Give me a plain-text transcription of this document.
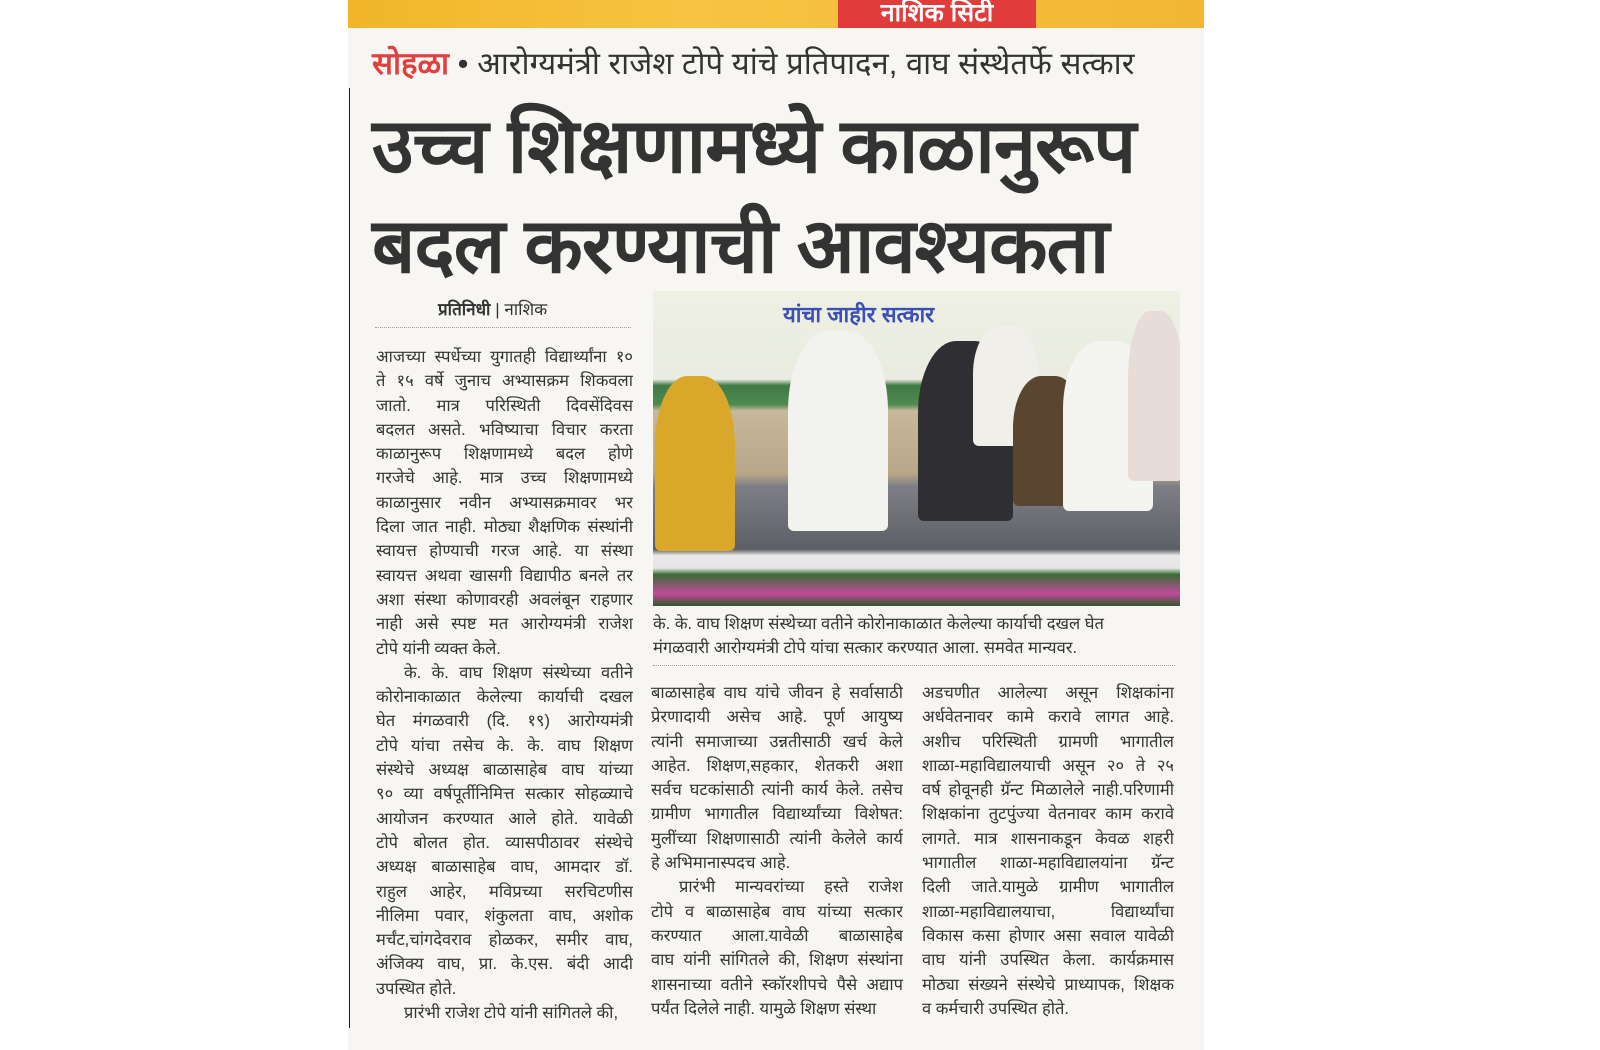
नाशिक सिटी
सोहळा • आरोग्यमंत्री राजेश टोपे यांचे प्रतिपादन, वाघ संस्थेतर्फे सत्कार
उच्च शिक्षणामध्ये काळानुरूप
बदल करण्याची आवश्यकता
प्रतिनिधी | नाशिक	यांचा जाहीर सत्कार
के. के. वाघ शिक्षण संस्थेच्या वतीने कोरोनाकाळात केलेल्या कार्याची दखल घेत
मंगळवारी आरोग्यमंत्री टोपे यांचा सत्कार करण्यात आला. समवेत मान्यवर.
आजच्या स्पर्धेच्या युगातही विद्यार्थ्यांना १०
ते १५ वर्षे जुनाच अभ्यासक्रम शिकवला
जातो. मात्र परिस्थिती दिवसेंदिवस
बदलत असते. भविष्याचा विचार करता
काळानुरूप शिक्षणामध्ये बदल होणे
गरजेचे आहे. मात्र उच्च शिक्षणामध्ये
काळानुसार नवीन अभ्यासक्रमावर भर
दिला जात नाही. मोठ्या शैक्षणिक संस्थांनी
स्वायत्त होण्याची गरज आहे. या संस्था
स्वायत्त अथवा खासगी विद्यापीठ बनले तर
अशा संस्था कोणावरही अवलंबून राहणार
नाही असे स्पष्ट मत आरोग्यमंत्री राजेश
टोपे यांनी व्यक्त केले.
के. के. वाघ शिक्षण संस्थेच्या वतीने
कोरोनाकाळात केलेल्या कार्याची दखल
घेत मंगळवारी (दि. १९) आरोग्यमंत्री
टोपे यांचा तसेच के. के. वाघ शिक्षण
संस्थेचे अध्यक्ष बाळासाहेब वाघ यांच्या
९० व्या वर्षपूर्तीनिमित्त सत्कार सोहळ्याचे
आयोजन करण्यात आले होते. यावेळी
टोपे बोलत होत. व्यासपीठावर संस्थेचे
अध्यक्ष बाळासाहेब वाघ, आमदार डॉ.
राहुल आहेर, मविप्रच्या सरचिटणीस
नीलिमा पवार, शंकुलता वाघ, अशोक
मर्चंट,चांगदेवराव होळकर, समीर वाघ,
अंजिक्य वाघ, प्रा. के.एस. बंदी आदी
उपस्थित होते.
प्रारंभी राजेश टोपे यांनी सांगितले की,
बाळासाहेब वाघ यांचे जीवन हे सर्वासाठी
प्रेरणादायी असेच आहे. पूर्ण आयुष्य
त्यांनी समाजाच्या उन्नतीसाठी खर्च केले
आहेत. शिक्षण,सहकार, शेतकरी अशा
सर्वच घटकांसाठी त्यांनी कार्य केले. तसेच
ग्रामीण भागातील विद्यार्थ्यांच्या विशेषत:
मुलींच्या शिक्षणासाठी त्यांनी केलेले कार्य
हे अभिमानास्पदच आहे.
प्रारंभी मान्यवरांच्या हस्ते राजेश
टोपे व बाळासाहेब वाघ यांच्या सत्कार
करण्यात आला.यावेळी बाळासाहेब
वाघ यांनी सांगितले की, शिक्षण संस्थांना
शासनाच्या वतीने स्कॉरशीपचे पैसे अद्याप
पर्यंत दिलेले नाही. यामुळे शिक्षण संस्था
अडचणीत आलेल्या असून शिक्षकांना
अर्धवेतनावर कामे करावे लागत आहे.
अशीच परिस्थिती ग्रामणी भागातील
शाळा-महाविद्यालयाची असून २० ते २५
वर्ष होवूनही ग्रॅन्ट मिळालेले नाही.परिणामी
शिक्षकांना तुटपुंज्या वेतनावर काम करावे
लागते. मात्र शासनाकडून केवळ शहरी
भागातील शाळा-महाविद्यालयांना ग्रॅन्ट
दिली जाते.यामुळे ग्रामीण भागातील
शाळा-महाविद्यालयाचा, विद्यार्थ्यांचा
विकास कसा होणार असा सवाल यावेळी
वाघ यांनी उपस्थित केला. कार्यक्रमास
मोठ्या संख्यने संस्थेचे प्राध्यापक, शिक्षक
व कर्मचारी उपस्थित होते.
